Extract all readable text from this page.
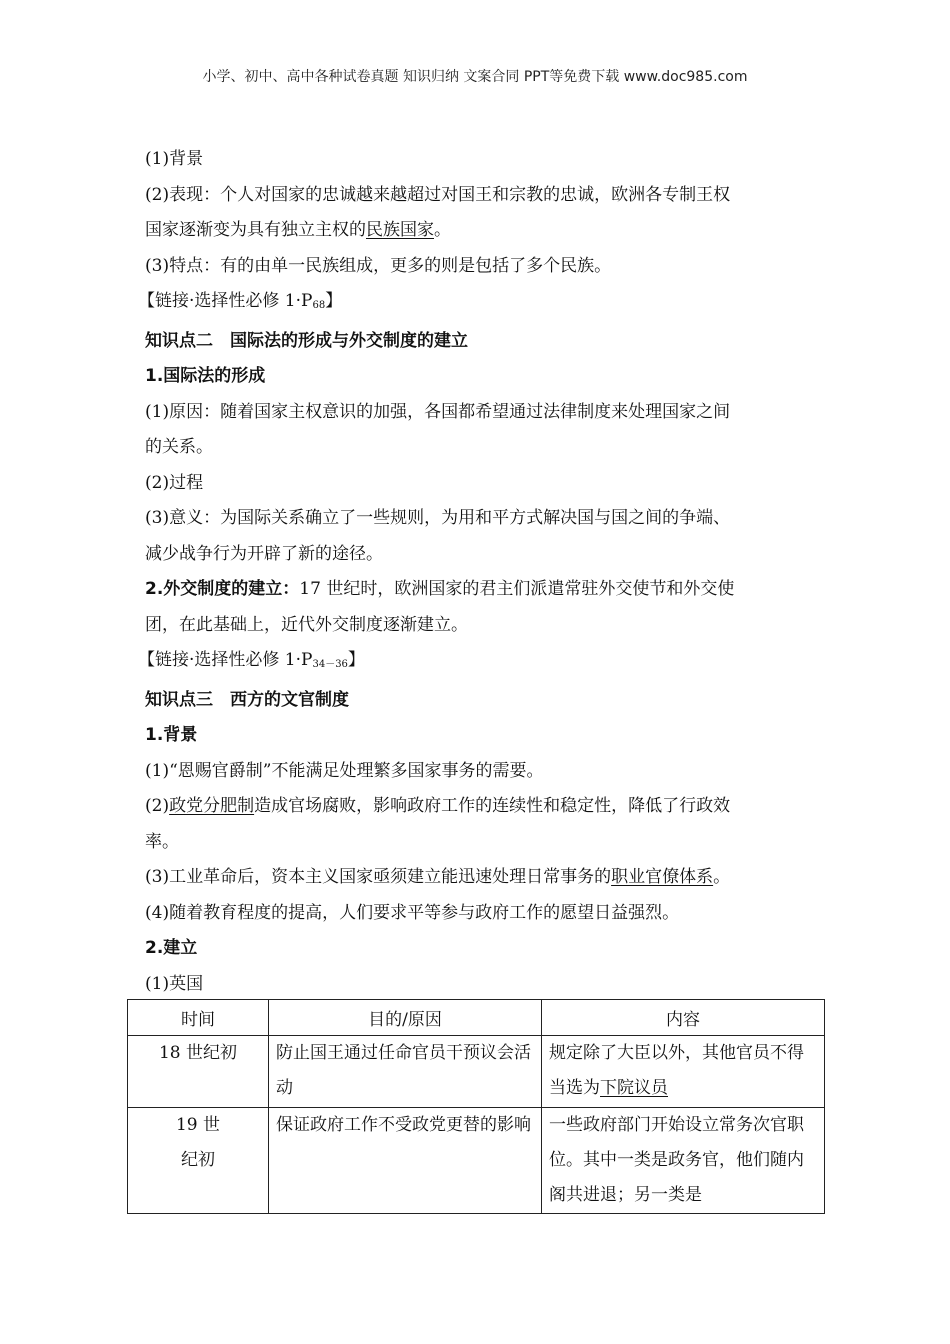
小学、初中、高中各种试卷真题 知识归纳 文案合同 PPT等免费下载 www.doc985.com
(1)背景
(2)表现：个人对国家的忠诚越来越超过对国王和宗教的忠诚，欧洲各专制王权
国家逐渐变为具有独立主权的民族国家。
(3)特点：有的由单一民族组成，更多的则是包括了多个民族。
【链接·选择性必修 $1\cdot P_{68}$】
知识点二　国际法的形成与外交制度的建立
1.国际法的形成
(1)原因：随着国家主权意识的加强，各国都希望通过法律制度来处理国家之间
的关系。
(2)过程
(3)意义：为国际关系确立了一些规则，为用和平方式解决国与国之间的争端、
减少战争行为开辟了新的途径。
2.外交制度的建立：17 世纪时，欧洲国家的君主们派遣常驻外交使节和外交使
团，在此基础上，近代外交制度逐渐建立。
【链接·选择性必修 $1\cdot P_{34-36}$】
知识点三　西方的文官制度
1.背景
(1)“恩赐官爵制”不能满足处理繁多国家事务的需要。
(2)政党分肥制造成官场腐败，影响政府工作的连续性和稳定性，降低了行政效
率。
(3)工业革命后，资本主义国家亟须建立能迅速处理日常事务的职业官僚体系。
(4)随着教育程度的提高，人们要求平等参与政府工作的愿望日益强烈。
2.建立
(1)英国
时间	目的/原因	内容
18 世纪初	防止国王通过任命官员干预议会活动	规定除了大臣以外，其他官员不得当选为下院议员

19 世
纪初	保证政府工作不受政党更替的影响	一些政府部门开始设立常务次官职位。其中一类是政务官，他们随内阁共进退；另一类是
